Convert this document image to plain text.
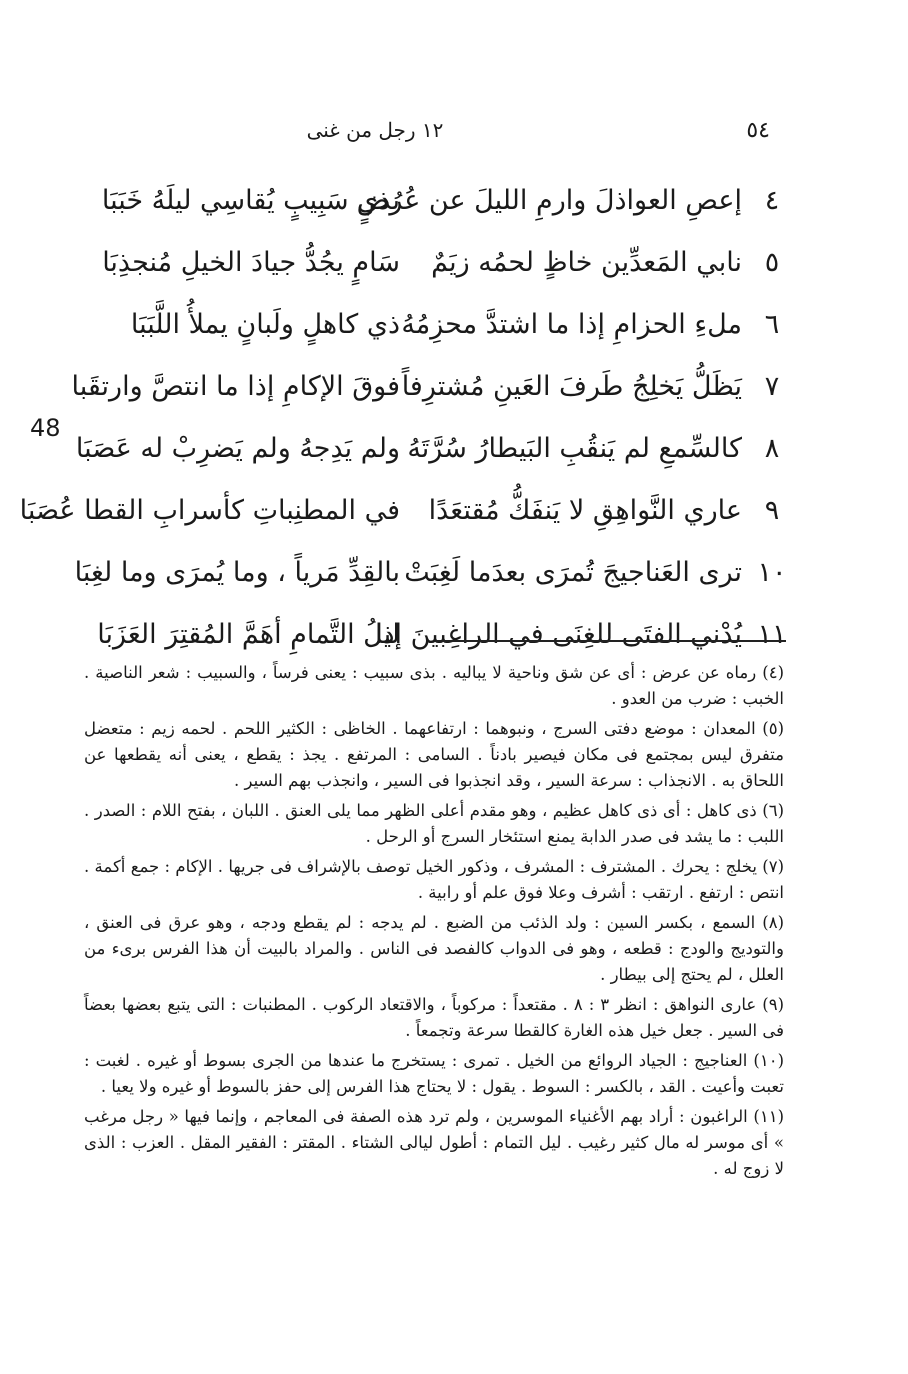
٥٤
١٢ رجل من غنى
٤
إعصِ العواذلَ وارمِ الليلَ عن عُرُضٍ
بذي سَبِيبٍ يُقاسِي ليلَهُ خَبَبَا
٥
نابي المَعدِّين خاظٍ لحمُه زيَمٌ
سَامٍ يجُدُّ جيادَ الخيلِ مُنجذِبَا
٦
ملءِ الحزامِ إذا ما اشتدَّ محزِمُهُ
ذي كاهلٍ ولَبانٍ يملأُ اللَّبَبَا
٧
يَظَلُّ يَخلِجُ طَرفَ العَينِ مُشترِفاً
فوقَ الإكامِ إذا ما انتصَّ وارتقَبا
٨
كالسِّمعِ لم يَنقُبِ البَيطارُ سُرَّتَهُ
ولم يَدِجهُ ولم يَضرِبْ له عَصَبَا
٩
عاري النَّواهِقِ لا يَنفَكُّ مُقتعَدًا
في المطنِباتِ كأسرابِ القطا عُصَبَا
١٠
ترى العَناجيجَ تُمرَى بعدَما لَغِبَتْ
بالقِدِّ مَرياً ، وما يُمرَى وما لغِبَا
١١
يُدْني الفتَى للغِنَى في الراغِبينَ إذا
ليلُ التَّمامِ أهَمَّ المُقتِرَ العَزَبَا
48

(٤) رماه عن عرض : أى عن شق وناحية لا يباليه . بذى سبيب : يعنى فرساً ، والسبيب : شعر الناصية . الخبب : ضرب من العدو .

(٥) المعدان : موضع دفتى السرج ، ونبوهما : ارتفاعهما . الخاظى : الكثير اللحم . لحمه زيم : متعضل متفرق ليس بمجتمع فى مكان فيصير بادناً . السامى : المرتفع . يجذ : يقطع ، يعنى أنه يقطعها عن اللحاق به . الانجذاب : سرعة السير ، وقد انجذبوا فى السير ، وانجذب بهم السير .

(٦) ذى كاهل : أى ذى كاهل عظيم ، وهو مقدم أعلى الظهر مما يلى العنق . اللبان ، بفتح اللام : الصدر . اللبب : ما يشد فى صدر الدابة يمنع استئخار السرج أو الرحل .

(٧) يخلج : يحرك . المشترف : المشرف ، وذكور الخيل توصف بالإشراف فى جريها . الإكام : جمع أكمة . انتص : ارتفع . ارتقب : أشرف وعلا فوق علم أو رابية .

(٨) السمع ، بكسر السين : ولد الذئب من الضبع . لم يدجه : لم يقطع ودجه ، وهو عرق فى العنق ، والتوديج والودج : قطعه ، وهو فى الدواب كالفصد فى الناس . والمراد بالبيت أن هذا الفرس برىء من العلل ، لم يحتج إلى بيطار .

(٩) عارى النواهق : انظر ٣ : ٨ . مقتعداً : مركوباً ، والاقتعاد الركوب . المطنبات : التى يتبع بعضها بعضاً فى السير . جعل خيل هذه الغارة كالقطا سرعة وتجمعاً .

(١٠) العناجيج : الجياد الروائع من الخيل . تمرى : يستخرج ما عندها من الجرى بسوط أو غيره . لغبت : تعبت وأعيت . القد ، بالكسر : السوط . يقول : لا يحتاج هذا الفرس إلى حفز بالسوط أو غيره ولا يعيا .

(١١) الراغبون : أراد بهم الأغنياء الموسرين ، ولم ترد هذه الصفة فى المعاجم ، وإنما فيها « رجل مرغب » أى موسر له مال كثير رغيب . ليل التمام : أطول ليالى الشتاء . المقتر : الفقير المقل . العزب : الذى لا زوج له .
